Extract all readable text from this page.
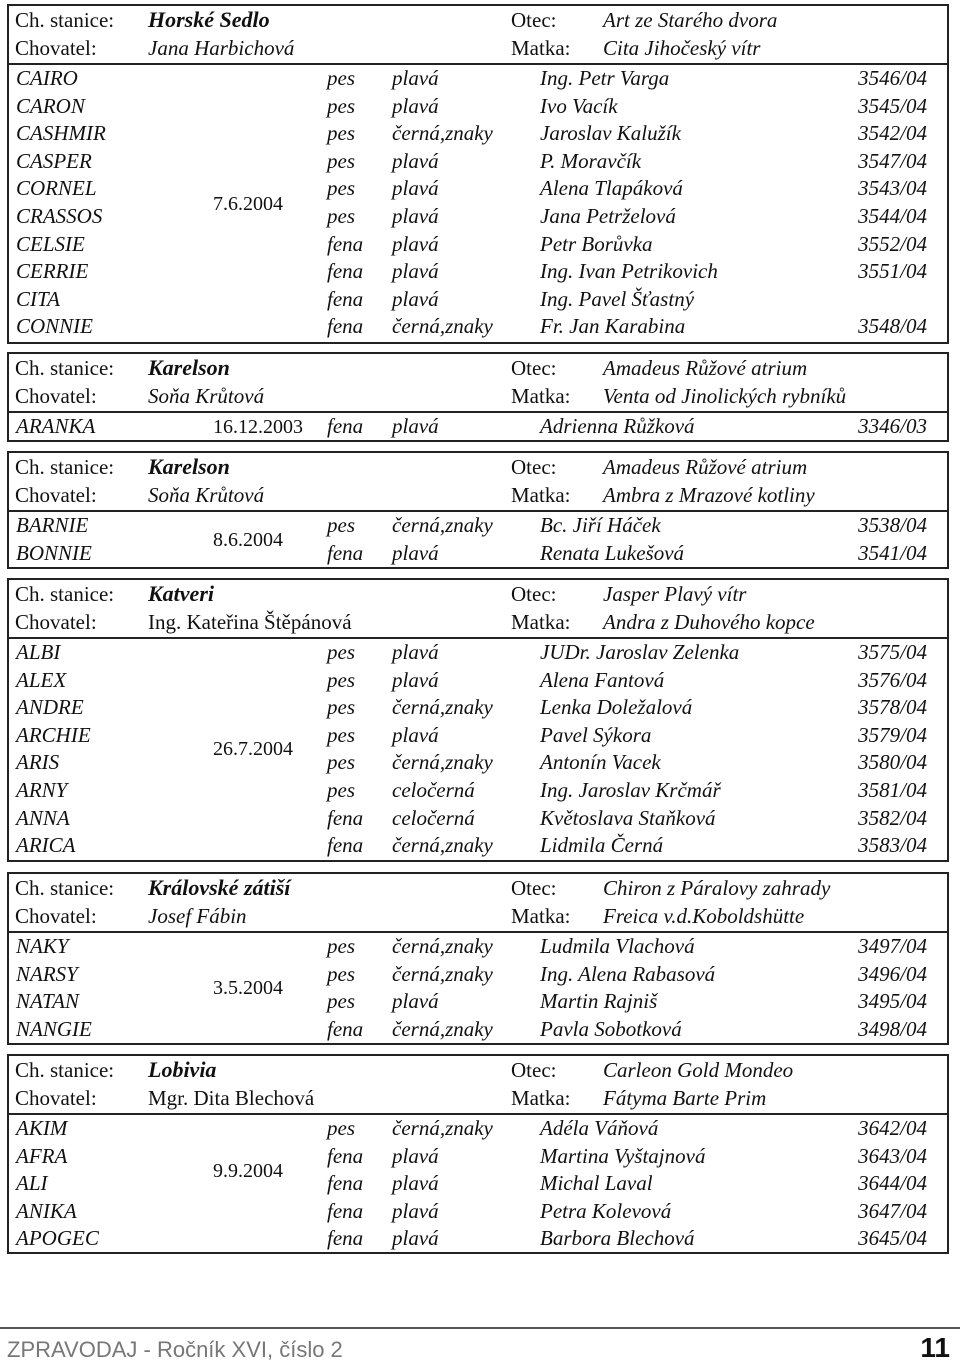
Ch. stanice: Horské Sedlo	Otec: Art ze Starého dvora
Chovatel: Jana Harbichová	Matka: Cita Jihočeský vítr
7.6.2004
CAIRO	pes plavá	Ing. Petr Varga	3546/04
CARON	pes plavá	Ivo Vacík	3545/04
CASHMIR	pes černá,znaky Jaroslav Kalužík	3542/04
CASPER	pes plavá	P. Moravčík	3547/04
CORNEL	pes plavá	Alena Tlapáková	3543/04
CRASSOS	pes plavá	Jana Petrželová	3544/04
CELSIE	fena plavá	Petr Borůvka	3552/04
CERRIE	fena plavá	Ing. Ivan Petrikovich	3551/04
CITA	fena plavá	Ing. Pavel Šťastný
CONNIE	fena černá,znaky Fr. Jan Karabina	3548/04
Ch. stanice: Karelson	Otec: Amadeus Růžové atrium
Chovatel: Soňa Krůtová	Matka: Venta od Jinolických rybníků
16.12.2003
ARANKA	fena plavá	Adrienna Růžková	3346/03
Ch. stanice: Karelson	Otec: Amadeus Růžové atrium
Chovatel: Soňa Krůtová	Matka: Ambra z Mrazové kotliny
8.6.2004
BARNIE	pes černá,znaky Bc. Jiří Háček	3538/04
BONNIE	fena plavá	Renata Lukešová	3541/04
Ch. stanice: Katveri	Otec: Jasper Plavý vítr
Chovatel: Ing. Kateřina Štěpánová	Matka: Andra z Duhového kopce
26.7.2004
ALBI	pes plavá	JUDr. Jaroslav Zelenka	3575/04
ALEX	pes plavá	Alena Fantová	3576/04
ANDRE	pes černá,znaky Lenka Doležalová	3578/04
ARCHIE	pes plavá	Pavel Sýkora	3579/04
ARIS	pes černá,znaky Antonín Vacek	3580/04
ARNY	pes celočerná	Ing. Jaroslav Krčmář	3581/04
ANNA	fena celočerná	Květoslava Staňková	3582/04
ARICA	fena černá,znaky Lidmila Černá	3583/04
Ch. stanice: Královské zátiší	Otec: Chiron z Páralovy zahrady
Chovatel: Josef Fábin	Matka: Freica v.d.Koboldshütte
3.5.2004
NAKY	pes černá,znaky Ludmila Vlachová	3497/04
NARSY	pes černá,znaky Ing. Alena Rabasová	3496/04
NATAN	pes plavá	Martin Rajniš	3495/04
NANGIE	fena černá,znaky Pavla Sobotková	3498/04
Ch. stanice: Lobivia	Otec: Carleon Gold Mondeo
Chovatel: Mgr. Dita Blechová	Matka: Fátyma Barte Prim
9.9.2004
AKIM	pes černá,znaky Adéla Váňová	3642/04
AFRA	fena plavá	Martina Vyštajnová	3643/04
ALI	fena plavá	Michal Laval	3644/04
ANIKA	fena plavá	Petra Kolevová	3647/04
APOGEC	fena plavá	Barbora Blechová	3645/04
ZPRAVODAJ - Ročník XVI, číslo 2	11
